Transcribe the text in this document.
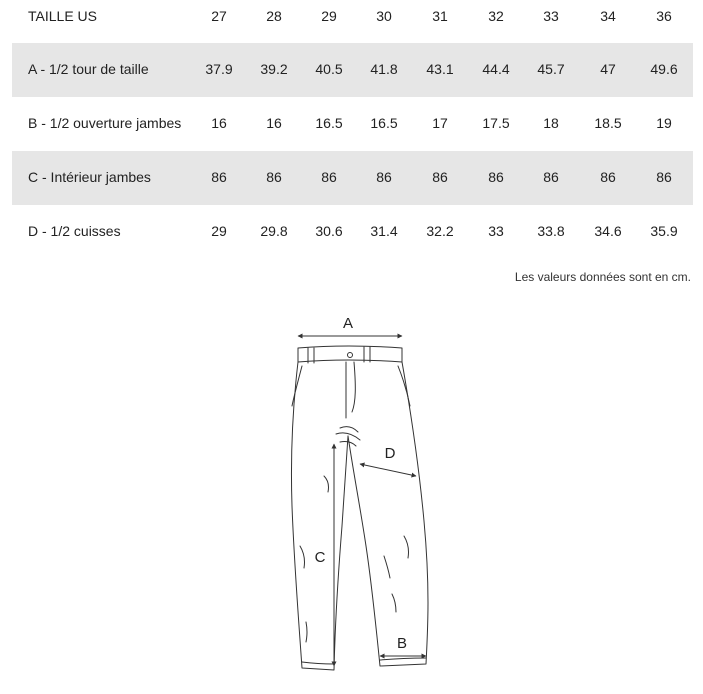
TAILLE US	27	28	29	30	31	32	33	34	36
A - 1/2 tour de taille	37.9	39.2	40.5	41.8	43.1	44.4	45.7	47	49.6
B - 1/2 ouverture jambes	16	16	16.5	16.5	17	17.5	18	18.5	19
C - Intérieur jambes	86	86	86	86	86	86	86	86	86
D - 1/2 cuisses	29	29.8	30.6	31.4	32.2	33	33.8	34.6	35.9
Les valeurs données sont en cm.
A
C
D
B
